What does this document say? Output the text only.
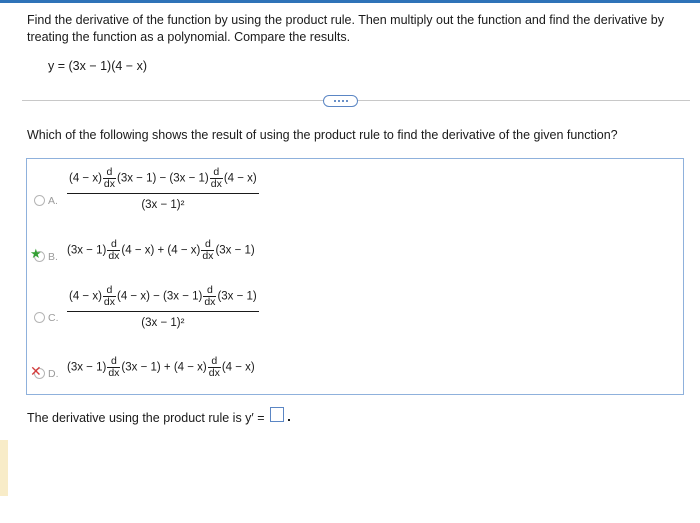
Find the derivative of the function by using the product rule. Then multiply out the function and find the derivative by treating the function as a polynomial. Compare the results.
y = (3x − 1)(4 − x)
Which of the following shows the result of using the product rule to find the derivative of the given function?
A.
$(4 - x) \frac{d}{dx} (3x - 1) - (3x - 1) \frac{d}{dx} (4 - x)$
(3x − 1)²
★ B.
$(3x - 1) \frac{d}{dx} (4 - x) + (4 - x) \frac{d}{dx} (3x - 1)$
C.
$(4 - x) \frac{d}{dx} (4 - x) - (3x - 1) \frac{d}{dx} (3x - 1)$
(3x − 1)²
✕ D.
$(3x - 1) \frac{d}{dx} (3x - 1) + (4 - x) \frac{d}{dx} (4 - x)$
The derivative using the product rule is y′ =
